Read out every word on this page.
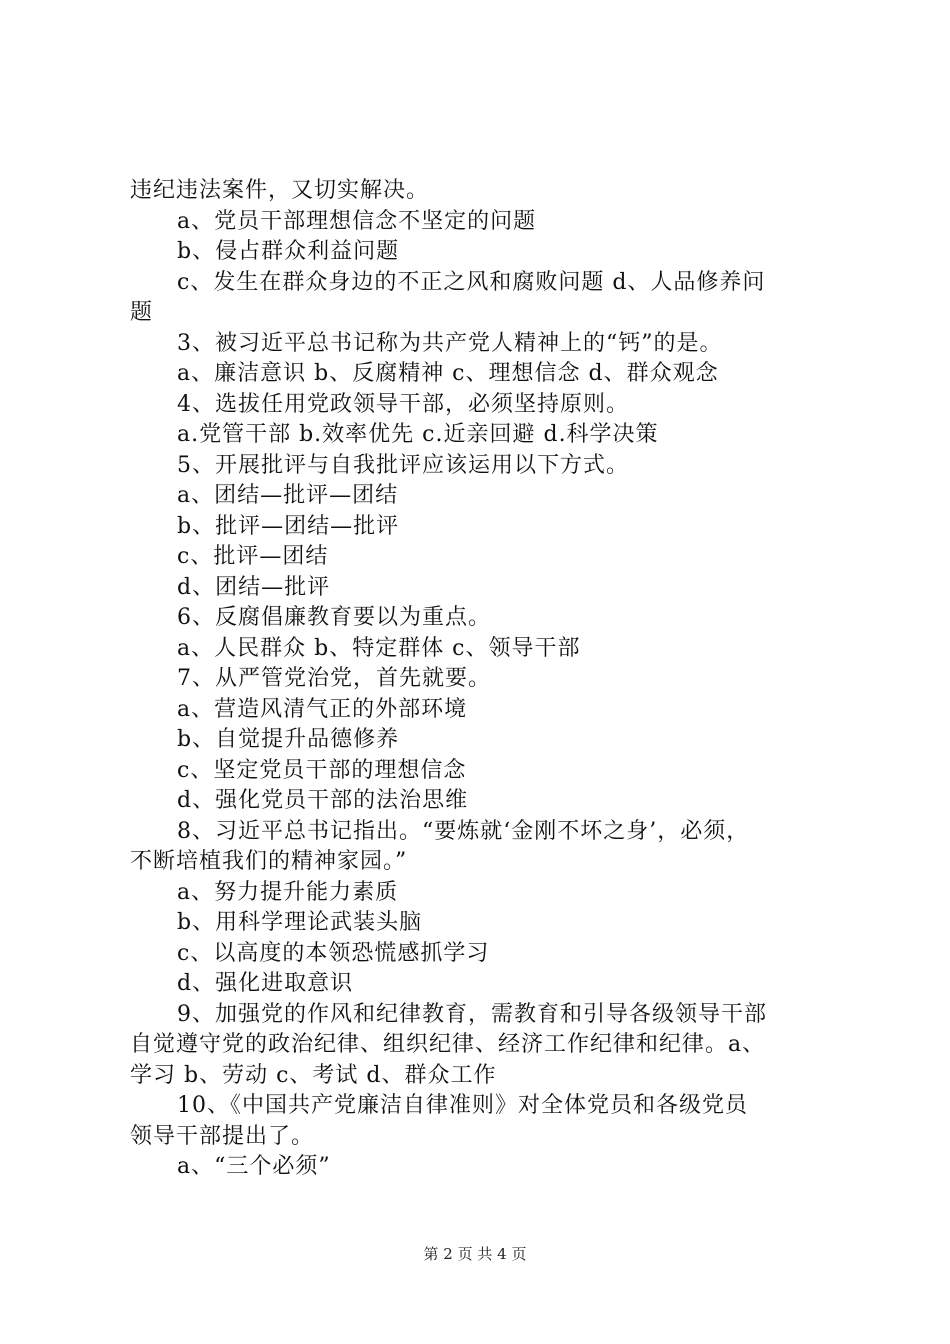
违纪违法案件，又切实解决。
a、党员干部理想信念不坚定的问题
b、侵占群众利益问题
c、发生在群众身边的不正之风和腐败问题 d、人品修养问
题
3、被习近平总书记称为共产党人精神上的“钙”的是。
a、廉洁意识 b、反腐精神 c、理想信念 d、群众观念
4、选拔任用党政领导干部，必须坚持原则。
a.党管干部 b.效率优先 c.近亲回避 d.科学决策
5、开展批评与自我批评应该运用以下方式。
a、团结—批评—团结
b、批评—团结—批评
c、批评—团结
d、团结—批评
6、反腐倡廉教育要以为重点。
a、人民群众 b、特定群体 c、领导干部
7、从严管党治党，首先就要。
a、营造风清气正的外部环境
b、自觉提升品德修养
c、坚定党员干部的理想信念
d、强化党员干部的法治思维
8、习近平总书记指出。“要炼就‘金刚不坏之身’，必须，
不断培植我们的精神家园。”
a、努力提升能力素质
b、用科学理论武装头脑
c、以高度的本领恐慌感抓学习
d、强化进取意识
9、加强党的作风和纪律教育，需教育和引导各级领导干部
自觉遵守党的政治纪律、组织纪律、经济工作纪律和纪律。a、
学习 b、劳动 c、考试 d、群众工作
10、《中国共产党廉洁自律准则》对全体党员和各级党员
领导干部提出了。
a、“三个必须”
第 2 页 共 4 页
